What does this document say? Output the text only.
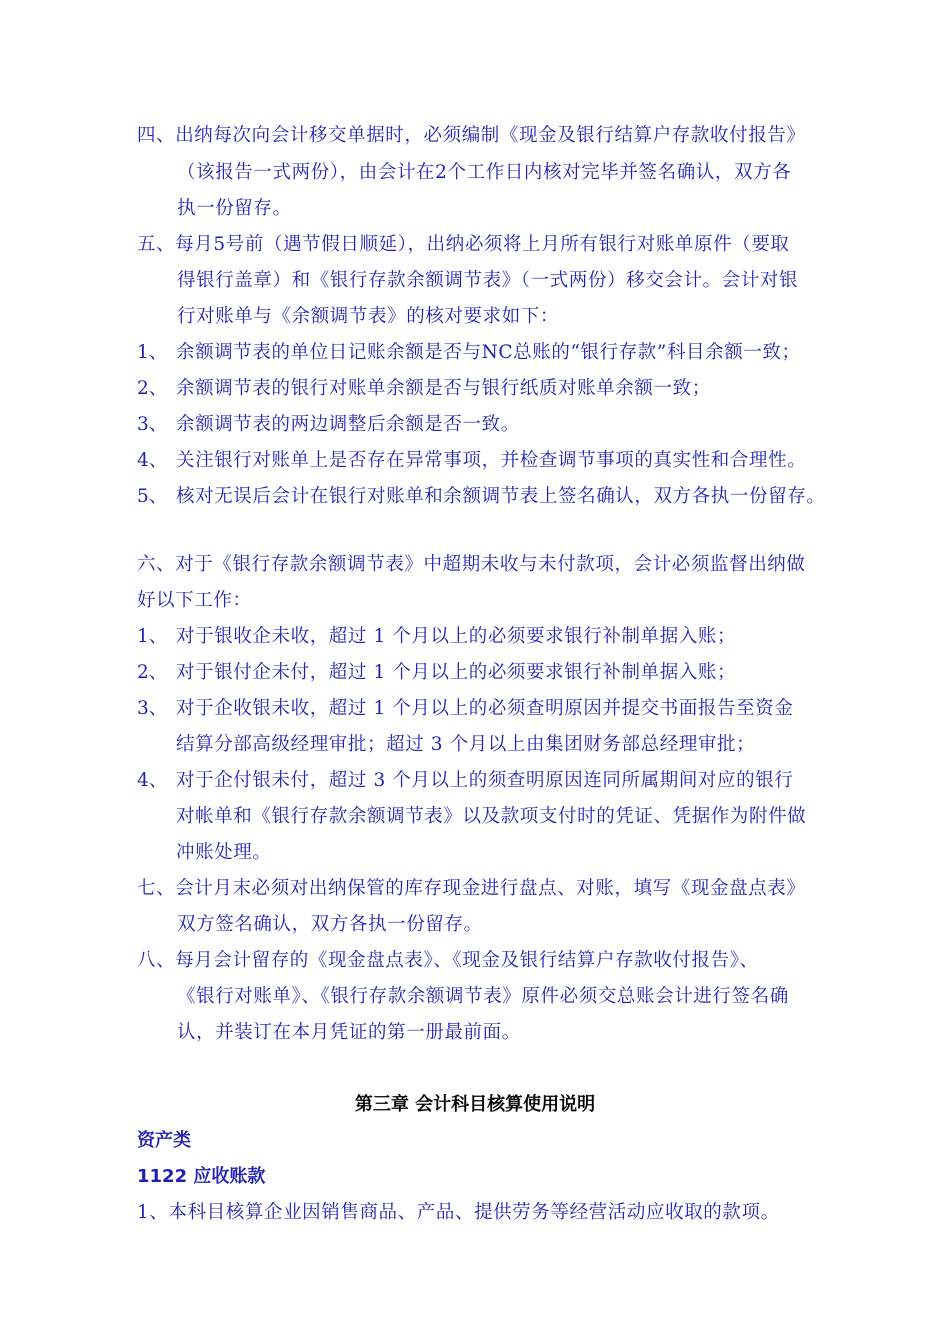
四、出纳每次向会计移交单据时，必须编制《现金及银行结算户存款收付报告》
（该报告一式两份），由会计在2个工作日内核对完毕并签名确认，双方各
执一份留存。
五、每月5号前（遇节假日顺延），出纳必须将上月所有银行对账单原件（要取
得银行盖章）和《银行存款余额调节表》（一式两份）移交会计。会计对银
行对账单与《余额调节表》的核对要求如下：
1、 余额调节表的单位日记账余额是否与NC总账的“银行存款”科目余额一致；
2、 余额调节表的银行对账单余额是否与银行纸质对账单余额一致；
3、 余额调节表的两边调整后余额是否一致。
4、 关注银行对账单上是否存在异常事项，并检查调节事项的真实性和合理性。
5、 核对无误后会计在银行对账单和余额调节表上签名确认，双方各执一份留存。
六、对于《银行存款余额调节表》中超期未收与未付款项，会计必须监督出纳做
好以下工作：
1、 对于银收企未收，超过 1 个月以上的必须要求银行补制单据入账；
2、 对于银付企未付，超过 1 个月以上的必须要求银行补制单据入账；
3、 对于企收银未收，超过 1 个月以上的必须查明原因并提交书面报告至资金
结算分部高级经理审批；超过 3 个月以上由集团财务部总经理审批；
4、 对于企付银未付，超过 3 个月以上的须查明原因连同所属期间对应的银行
对帐单和《银行存款余额调节表》以及款项支付时的凭证、凭据作为附件做
冲账处理。
七、会计月末必须对出纳保管的库存现金进行盘点、对账，填写《现金盘点表》
双方签名确认，双方各执一份留存。
八、每月会计留存的《现金盘点表》、《现金及银行结算户存款收付报告》、
《银行对账单》、《银行存款余额调节表》原件必须交总账会计进行签名确
认，并装订在本月凭证的第一册最前面。
第三章 会计科目核算使用说明
资产类
1122 应收账款
1、本科目核算企业因销售商品、产品、提供劳务等经营活动应收取的款项。
